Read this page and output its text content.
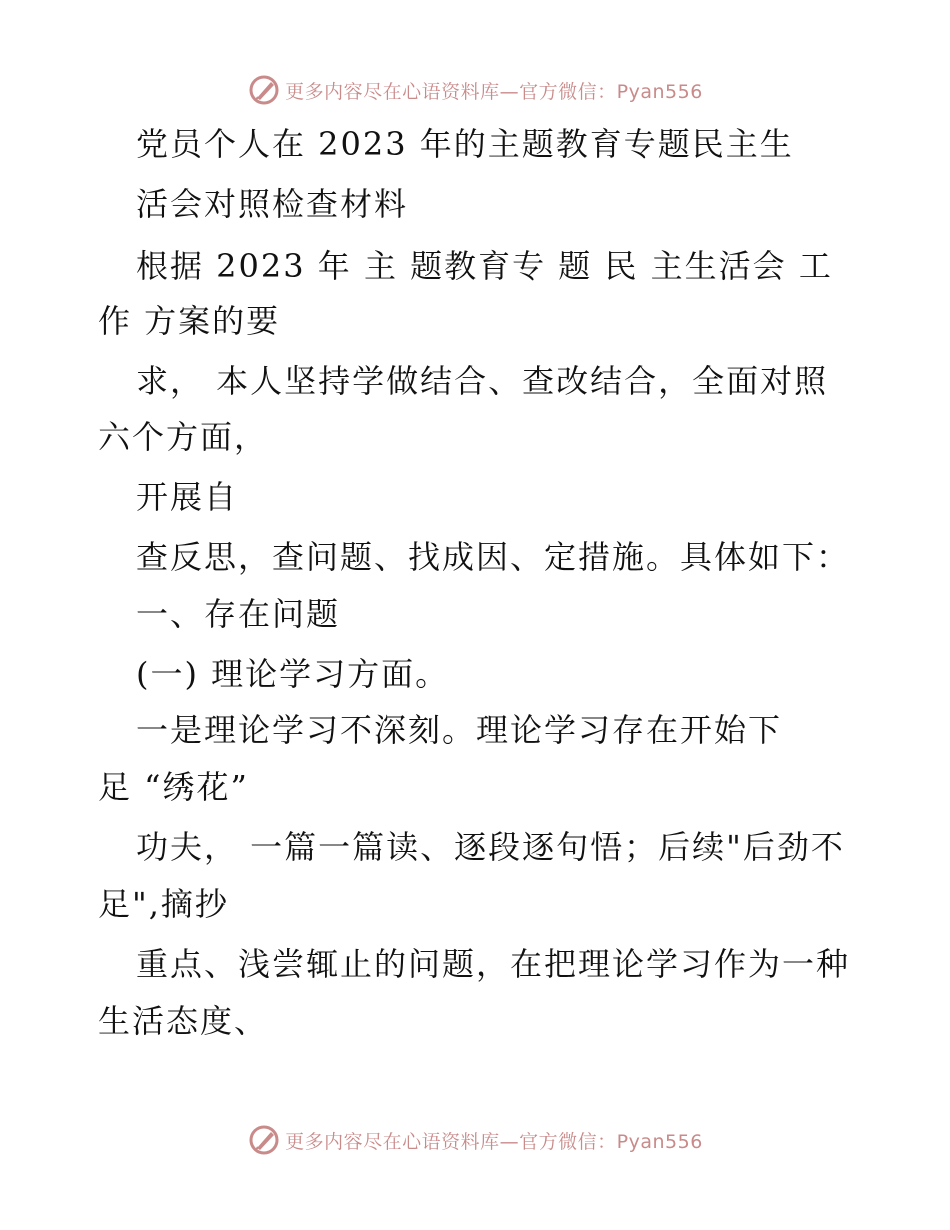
更多内容尽在心语资料库—官方微信：Pyan556
党员个人在 2023 年的主题教育专题民主生
活会对照检查材料
根据 2023 年 主 题教育专 题 民 主生活会 工
作 方案的要
求， 本人坚持学做结合、查改结合，全面对照
六个方面，
开展自
查反思，查问题、找成因、定措施。具体如下：
一、存在问题
(一) 理论学习方面。
一是理论学习不深刻。理论学习存在开始下
足 “绣花”
功夫， 一篇一篇读、逐段逐句悟；后续"后劲不
足",摘抄
重点、浅尝辄止的问题，在把理论学习作为一种
生活态度、
更多内容尽在心语资料库—官方微信：Pyan556
